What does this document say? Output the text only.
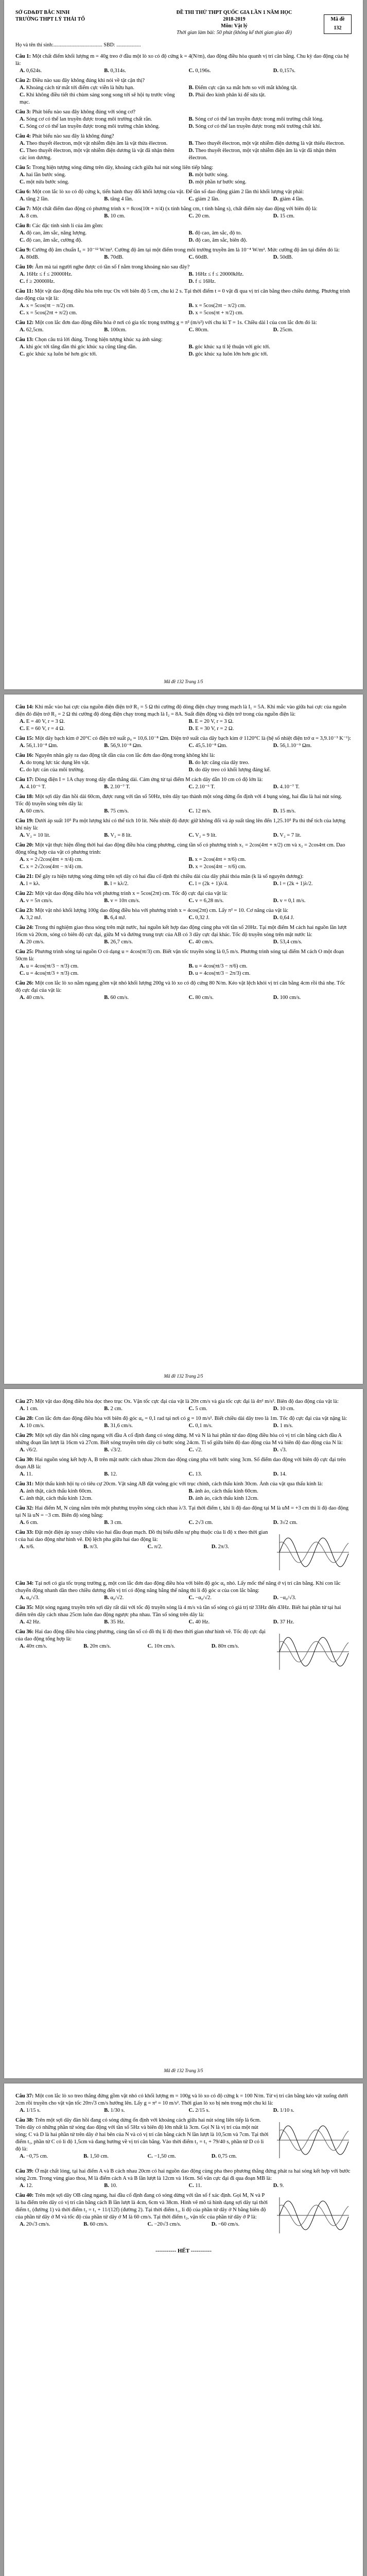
SỞ GD&ĐT BẮC NINH
TRƯỜNG THPT LÝ THÁI TỔ
ĐỀ THI THỬ THPT QUỐC GIA LẦN 1 NĂM HỌC 2018-2019
Môn: Vật lý
Thời gian làm bài: 50 phút (không kể thời gian giao đề)
Mã đề
132
Họ và tên thí sinh:...................................... SBD: ...................
Câu 1: Một chất điểm khối lượng m = 40g treo ở đầu một lò xo có độ cứng k = 4(N/m), dao động điều hòa quanh vị trí cân bằng. Chu kỳ dao động của hệ là:
A. 0,624s.	B. 0,314s.	C. 0,196s.	D. 0,157s.
Câu 2: Điều nào sau đây không đúng khi nói về tật cận thị?
A. Khoảng cách từ mắt tới điểm cực viễn là hữu hạn.	B. Điểm cực cận xa mắt hơn so với mắt không tật.
C. Khi không điều tiết thì chùm sáng song song tới sẽ hội tụ trước võng mạc.
D. Phải đeo kính phân kì để sửa tật.
Câu 3: Phát biểu nào sau đây không đúng với sóng cơ?
A. Sóng cơ có thể lan truyền được trong môi trường chất rắn.	B. Sóng cơ có thể lan truyền được trong môi trường chất lỏng.
C. Sóng cơ có thể lan truyền được trong môi trường chân không.	D. Sóng cơ có thể lan truyền được trong môi trường chất khí.
Câu 4: Phát biểu nào sau đây là không đúng?
A. Theo thuyết êlectron, một vật nhiễm điện âm là vật thừa êlectron.	B. Theo thuyết êlectron, một vật nhiễm điện dương là vật thiếu êlectron.
C. Theo thuyết êlectron, một vật nhiễm điện dương là vật đã nhận thêm các ion dương.
D. Theo thuyết êlectron, một vật nhiễm điện âm là vật đã nhận thêm êlectron.
Câu 5: Trong hiện tượng sóng dừng trên dây, khoảng cách giữa hai nút sóng liên tiếp bằng:
A. hai lần bước sóng.	B. một bước sóng.
C. một nửa bước sóng.	D. một phần tư bước sóng.
Câu 6: Một con lắc lò xo có độ cứng k, tiến hành thay đổi khối lượng của vật. Để tần số dao động giảm 2 lần thì khối lượng vật phải:
A. tăng 2 lần.	B. tăng 4 lần.	C. giảm 2 lần.	D. giảm 4 lần.
Câu 7: Một chất điểm dao động có phương trình x = 8cos(10t + π/4) (x tính bằng cm, t tính bằng s), chất điểm này dao động với biên độ là:
A. 8 cm.	B. 10 cm.	C. 20 cm.	D. 15 cm.
Câu 8: Các đặc tính sinh lí của âm gồm:
A. độ cao, âm sắc, năng lượng.	B. độ cao, âm sắc, độ to.
C. độ cao, âm sắc, cường độ.	D. độ cao, âm sắc, biên độ.
Câu 9: Cường độ âm chuẩn I₀ = 10⁻¹² W/m². Cường độ âm tại một điểm trong môi trường truyền âm là 10⁻⁴ W/m². Mức cường độ âm tại điểm đó là:
A. 80dB.	B. 70dB.	C. 60dB.	D. 50dB.
Câu 10: Âm mà tai người nghe được có tần số f nằm trong khoảng nào sau đây?
A. 16Hz ≤ f ≤ 20000Hz.	B. 16Hz ≤ f ≤ 20000kHz.
C. f ≥ 20000Hz.	D. f ≤ 16Hz.
Câu 11: Một vật dao động điều hòa trên trục Ox với biên độ 5 cm, chu kì 2 s. Tại thời điểm t = 0 vật đi qua vị trí cân bằng theo chiều dương. Phương trình dao động của vật là:
A. x = 5cos(πt − π/2) cm.	B. x = 5cos(2πt − π/2) cm.
C. x = 5cos(2πt + π/2) cm.	D. x = 5cos(πt + π/2) cm.
Câu 12: Một con lắc đơn dao động điều hòa ở nơi có gia tốc trọng trường g = π² (m/s²) với chu kì T = 1s. Chiều dài l của con lắc đơn đó là:
A. 62,5cm.	B. 100cm.	C. 80cm.	D. 25cm.
Câu 13: Chọn câu trả lời đúng. Trong hiện tượng khúc xạ ánh sáng:
A. khi góc tới tăng dần thì góc khúc xạ cũng tăng dần.	B. góc khúc xạ tỉ lệ thuận với góc tới.
C. góc khúc xạ luôn bé hơn góc tới.	D. góc khúc xạ luôn lớn hơn góc tới.
Mã đề 132 Trang 1/5
Câu 14: Khi mắc vào hai cực của nguồn điện điện trở R₁ = 5 Ω thì cường độ dòng điện chạy trong mạch là I₁ = 5A. Khi mắc vào giữa hai cực của nguồn điện đó điện trở R₂ = 2 Ω thì cường độ dòng điện chạy trong mạch là I₂ = 8A. Suất điện động và điện trở trong của nguồn điện là:
A. E = 40 V, r = 3 Ω.	B. E = 20 V, r = 3 Ω.
C. E = 60 V, r = 4 Ω.	D. E = 30 V, r = 2 Ω.
Câu 15: Một dây bạch kim ở 20°C có điện trở suất ρ₀ = 10,6.10⁻⁸ Ωm. Điện trở suất của dây bạch kim ở 1120°C là (hệ số nhiệt điện trở α = 3,9.10⁻³ K⁻¹):
A. 56,1.10⁻⁸ Ωm.	B. 56,9.10⁻⁸ Ωm.	C. 45,5.10⁻⁸ Ωm.	D. 56,1.10⁻⁹ Ωm.
Câu 16: Nguyên nhân gây ra dao động tắt dần của con lắc đơn dao động trong không khí là:
A. do trọng lực tác dụng lên vật.	B. do lực căng của dây treo.
C. do lực cản của môi trường.	D. do dây treo có khối lượng đáng kể.
Câu 17: Dòng điện I = 1A chạy trong dây dẫn thẳng dài. Cảm ứng từ tại điểm M cách dây dẫn 10 cm có độ lớn là:
A. 4.10⁻⁶ T.	B. 2.10⁻⁷ T.	C. 2.10⁻⁶ T.	D. 4.10⁻⁷ T.
Câu 18: Một sợi dây đàn hồi dài 60cm, được rung với tần số 50Hz, trên dây tạo thành một sóng dừng ổn định với 4 bụng sóng, hai đầu là hai nút sóng. Tốc độ truyền sóng trên dây là:
A. 60 cm/s.	B. 75 cm/s.	C. 12 m/s.	D. 15 m/s.
Câu 19: Dưới áp suất 10⁵ Pa một lượng khí có thể tích 10 lít. Nếu nhiệt độ được giữ không đổi và áp suất tăng lên đến 1,25.10⁵ Pa thì thể tích của lượng khí này là:
A. V₂ = 10 lít.	B. V₂ = 8 lít.	C. V₂ = 9 lít.	D. V₂ = 7 lít.
Câu 20: Một vật thực hiện đồng thời hai dao động điều hòa cùng phương, cùng tần số có phương trình x₁ = 2cos(4πt + π/2) cm và x₂ = 2cos4πt cm. Dao động tổng hợp của vật có phương trình:
A. x = 2√2cos(4πt + π/4) cm.	B. x = 2cos(4πt + π/6) cm.
C. x = 2√2cos(4πt − π/4) cm.	D. x = 2cos(4πt − π/6) cm.
Câu 21: Để gây ra hiện tượng sóng dừng trên sợi dây có hai đầu cố định thì chiều dài của dây phải thỏa mãn (k là số nguyên dương):
A. l = kλ.	B. l = kλ/2.	C. l = (2k + 1)λ/4.	D. l = (2k + 1)λ/2.
Câu 22: Một vật dao động điều hòa với phương trình x = 5cos(2πt) cm. Tốc độ cực đại của vật là:
A. v = 5π cm/s.	B. v = 10π cm/s.	C. v = 6,28 m/s.	D. v = 0,1 m/s.
Câu 23: Một vật nhỏ khối lượng 100g dao động điều hòa với phương trình x = 4cos(2πt) cm. Lấy π² = 10. Cơ năng của vật là:
A. 3,2 mJ.	B. 6,4 mJ.	C. 0,32 J.	D. 0,64 J.
Câu 24: Trong thí nghiệm giao thoa sóng trên mặt nước, hai nguồn kết hợp dao động cùng pha với tần số 20Hz. Tại một điểm M cách hai nguồn lần lượt 16cm và 20cm, sóng có biên độ cực đại, giữa M và đường trung trực của AB có 3 dãy cực đại khác. Tốc độ truyền sóng trên mặt nước là:
A. 20 cm/s.	B. 26,7 cm/s.	C. 40 cm/s.	D. 53,4 cm/s.
Câu 25: Phương trình sóng tại nguồn O có dạng u = 4cos(πt/3) cm. Biết vận tốc truyền sóng là 0,5 m/s. Phương trình sóng tại điểm M cách O một đoạn 50cm là:
A. u = 4cos(πt/3 − π/3) cm.	B. u = 4cos(πt/3 − π/6) cm.
C. u = 4cos(πt/3 + π/3) cm.	D. u = 4cos(πt/3 − 2π/3) cm.
Câu 26: Một con lắc lò xo nằm ngang gồm vật nhỏ khối lượng 200g và lò xo có độ cứng 80 N/m. Kéo vật lệch khỏi vị trí cân bằng 4cm rồi thả nhẹ. Tốc độ cực đại của vật là:
A. 40 cm/s.	B. 60 cm/s.	C. 80 cm/s.	D. 100 cm/s.
Mã đề 132 Trang 2/5
Câu 27: Một vật dao động điều hòa dọc theo trục Ox. Vận tốc cực đại của vật là 20π cm/s và gia tốc cực đại là 4π² m/s². Biên độ dao động của vật là:
A. 1 cm.	B. 2 cm.	C. 5 cm.	D. 10 cm.
Câu 28: Con lắc đơn dao động điều hòa với biên độ góc α₀ = 0,1 rad tại nơi có g = 10 m/s². Biết chiều dài dây treo là 1m. Tốc độ cực đại của vật nặng là:
A. 10 cm/s.	B. 31,6 cm/s.	C. 0,1 m/s.	D. 1 m/s.
Câu 29: Một sợi dây đàn hồi căng ngang với đầu A cố định đang có sóng dừng. M và N là hai phần tử dao động điều hòa có vị trí cân bằng cách đầu A những đoạn lần lượt là 16cm và 27cm. Biết sóng truyền trên dây có bước sóng 24cm. Tỉ số giữa biên độ dao động của M và biên độ dao động của N là:
A. √6/2.	B. √3/2.	C. √2.	D. √3.
Câu 30: Hai nguồn sóng kết hợp A, B trên mặt nước cách nhau 20cm dao động cùng pha với bước sóng 3cm. Số điểm dao động với biên độ cực đại trên đoạn AB là:
A. 11.	B. 12.	C. 13.	D. 14.
Câu 31: Một thấu kính hội tụ có tiêu cự 20cm. Vật sáng AB đặt vuông góc với trục chính, cách thấu kính 30cm. Ảnh của vật qua thấu kính là:
A. ảnh thật, cách thấu kính 60cm.	B. ảnh ảo, cách thấu kính 60cm.
C. ảnh thật, cách thấu kính 12cm.	D. ảnh ảo, cách thấu kính 12cm.
Câu 32: Hai điểm M, N cùng nằm trên một phương truyền sóng cách nhau λ/3. Tại thời điểm t, khi li độ dao động tại M là uM = +3 cm thì li độ dao động tại N là uN = −3 cm. Biên độ sóng bằng:
A. 6 cm.	B. 3 cm.	C. 2√3 cm.	D. 3√2 cm.
Câu 33: Đặt một điện áp xoay chiều vào hai đầu đoạn mạch. Đồ thị biểu diễn sự phụ thuộc của li độ x theo thời gian t của hai dao động như hình vẽ. Độ lệch pha giữa hai dao động là:
A. π/6.	B. π/3.	C. π/2.	D. 2π/3.
Câu 34: Tại nơi có gia tốc trọng trường g, một con lắc đơn dao động điều hòa với biên độ góc α₀ nhỏ. Lấy mốc thế năng ở vị trí cân bằng. Khi con lắc chuyển động nhanh dần theo chiều dương đến vị trí có động năng bằng thế năng thì li độ góc α của con lắc bằng:
A. α₀/√3.	B. α₀/√2.	C. −α₀/√2.	D. −α₀/√3.
Câu 35: Một sóng ngang truyền trên sợi dây rất dài với tốc độ truyền sóng là 4 m/s và tần số sóng có giá trị từ 33Hz đến 43Hz. Biết hai phần tử tại hai điểm trên dây cách nhau 25cm luôn dao động ngược pha nhau. Tần số sóng trên dây là:
A. 42 Hz.	B. 35 Hz.	C. 40 Hz.	D. 37 Hz.
Câu 36: Hai dao động điều hòa cùng phương, cùng tần số có đồ thị li độ theo thời gian như hình vẽ. Tốc độ cực đại của dao động tổng hợp là:
A. 40π cm/s.	B. 20π cm/s.	C. 10π cm/s.	D. 80π cm/s.
Mã đề 132 Trang 3/5
Câu 37: Một con lắc lò xo treo thẳng đứng gồm vật nhỏ có khối lượng m = 100g và lò xo có độ cứng k = 100 N/m. Từ vị trí cân bằng kéo vật xuống dưới 2cm rồi truyền cho vật vận tốc 20π√3 cm/s hướng lên. Lấy g = π² = 10 m/s². Thời gian lò xo bị nén trong một chu kì là:
A. 1/15 s.	B. 1/30 s.	C. 2/15 s.	D. 1/10 s.
Câu 38: Trên một sợi dây đàn hồi đang có sóng dừng ổn định với khoảng cách giữa hai nút sóng liên tiếp là 6cm. Trên dây có những phần tử sóng dao động với tần số 5Hz và biên độ lớn nhất là 3cm. Gọi N là vị trí của một nút sóng; C và D là hai phần tử trên dây ở hai bên của N và có vị trí cân bằng cách N lần lượt là 10,5cm và 7cm. Tại thời điểm t₁, phần tử C có li độ 1,5cm và đang hướng về vị trí cân bằng. Vào thời điểm t₂ = t₁ + 79/40 s, phần tử D có li độ là:
A. −0,75 cm.	B. 1,50 cm.	C. −1,50 cm.	D. 0,75 cm.
Câu 39: Ở mặt chất lỏng, tại hai điểm A và B cách nhau 20cm có hai nguồn dao động cùng pha theo phương thẳng đứng phát ra hai sóng kết hợp với bước sóng 2cm. Trong vùng giao thoa, M là điểm cách A và B lần lượt là 12cm và 16cm. Số vân cực đại đi qua đoạn MB là:
A. 12.	B. 10.	C. 11.	D. 9.
Câu 40: Trên một sợi dây OB căng ngang, hai đầu cố định đang có sóng dừng với tần số f xác định. Gọi M, N và P là ba điểm trên dây có vị trí cân bằng cách B lần lượt là 4cm, 6cm và 38cm. Hình vẽ mô tả hình dạng sợi dây tại thời điểm t₁ (đường 1) và thời điểm t₂ = t₁ + 11/(12f) (đường 2). Tại thời điểm t₁, li độ của phần tử dây ở N bằng biên độ của phần tử dây ở M và tốc độ của phần tử dây ở M là 60 cm/s. Tại thời điểm t₂, vận tốc của phần tử dây ở P là:
A. 20√3 cm/s.	B. 60 cm/s.	C. −20√3 cm/s.	D. −60 cm/s.
----------- HẾT -----------
